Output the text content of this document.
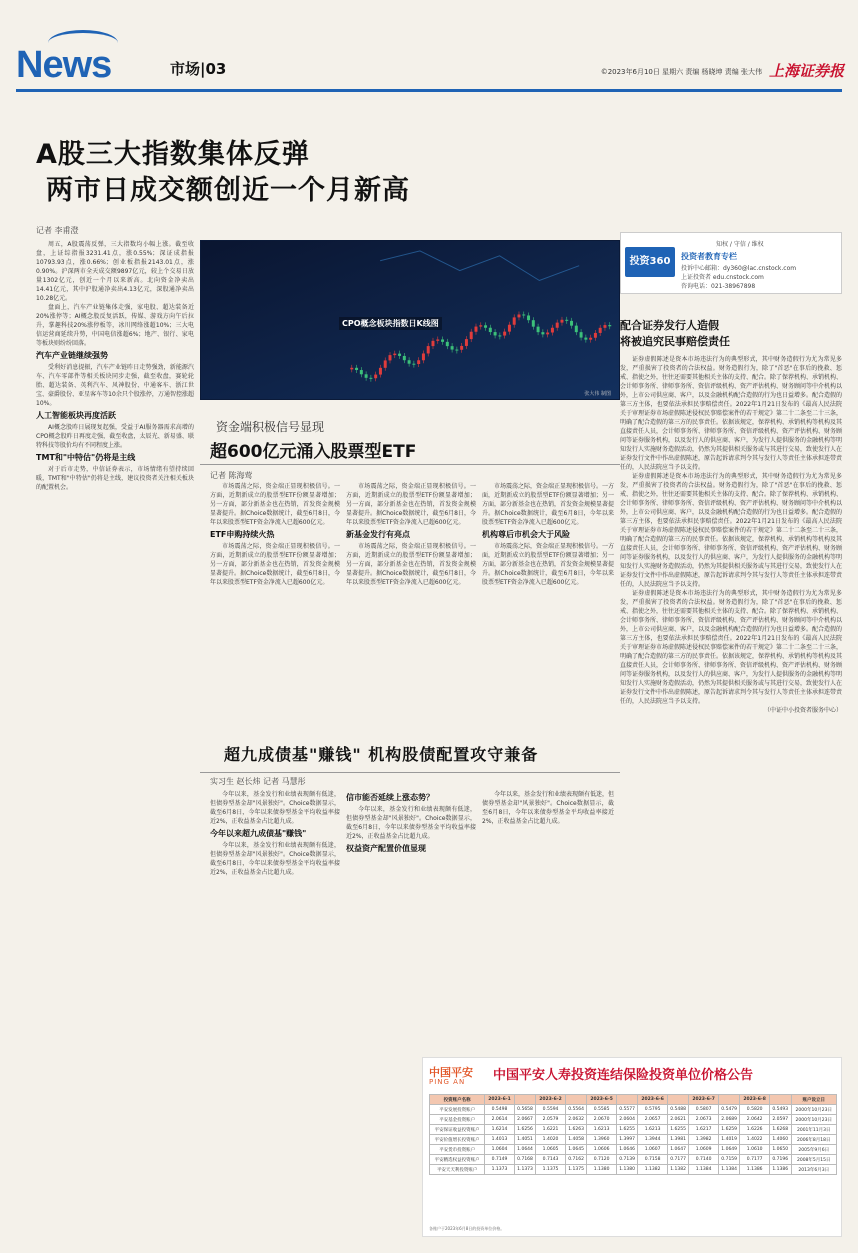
News	市场|03	©2023年6月10日 星期六 责编 杨晓坤 责编 张大伟 上海证券报
A股三大指数集体反弹
两市日成交额创近一个月新高
记者 李甫澄

周五，A股震荡反弹，三大指数均小幅上涨。截至收盘，上证综指报3231.41点，涨0.55%；深证成指报10793.93点，涨0.66%；创业板指报2143.01点，涨0.90%。沪深两市全天成交额9897亿元，较上个交易日放量1302亿元，创近一个月以来新高。北向资金净卖出14.41亿元，其中沪股通净卖出4.13亿元，深股通净卖出10.28亿元。

盘面上，汽车产业链集体走强，家电股、超达装备近20%涨停等；AI概念股反复活跃，传媒、游戏方向午后拉升，掌趣科技20%涨停板等，冰川网络涨超10%；三大电信运营商延续升势，中国电信涨超6%；地产、银行、家电等板块则纷纷回落。

汽车产业链继续强势

受利好消息提振，汽车产业链昨日走势强劲，新能源汽车、汽车零部件等相关板块同步走强，截至收盘，赛轮轮胎、超达装备、英利汽车、风神股份、中通客车、浙江世宝、豪爵股份、亚星客车等10余只个股涨停，万通智控涨超10%。

人工智能板块再度活跃

AI概念股昨日展现复起强，受益于AI服务器需求高增的CPO概念股昨日再度走强，截至收盘，太辰光、新易盛、联特科技等股价均有不同程度上涨。

TMT和"中特估"仍将是主线

对于后市走势，中信证券表示，市场情绪有望持续回暖，TMT和"中特估"仍将是主线，建议投资者关注相关板块的配置机会。

CPO概念板块指数日K线图
张大伟 制图
投资360
知权 / 守信 / 维权
投资者教育专栏
投诉中心邮箱：dy360@lac.cnstock.com
上证投资者 edu.cnstock.com
咨询电话：021-38967898
配合证券发行人造假
将被追究民事赔偿责任

证券虚假陈述是资本市场违法行为的典型形式，其中财务造假行为尤为常见多发，严重损害了投资者的合法权益。财务造假行为，除了"首恶"在事后的挽救、惩戒、指使之外，往往还需要其他相关主体的支持、配合。除了保荐机构、承销机构、会计师事务所、律师事务所、资信评级机构、资产评估机构、财务顾问等中介机构以外，上市公司供应商、客户，以及金融机构配合造假的行为也日益增多。配合造假的第三方主体，也要依法承担民事赔偿责任。2022年1月21日发布的《最高人民法院关于审理证券市场虚假陈述侵权民事赔偿案件的若干规定》第二十二条至二十三条，明确了配合造假的第三方的民事责任。依据该规定，保荐机构、承销机构等机构及其直接责任人员，会计师事务所、律师事务所、资信评级机构、资产评估机构、财务顾问等证券服务机构，以及发行人的供应商、客户，为发行人提供服务的金融机构等明知发行人实施财务造假活动，仍然为其提供相关服务或与其进行交易，致使发行人在证券发行文件中作出虚假陈述，原告起诉请求判令其与发行人等责任主体承担连带责任的，人民法院应当予以支持。

证券虚假陈述是资本市场违法行为的典型形式，其中财务造假行为尤为常见多发，严重损害了投资者的合法权益。财务造假行为，除了"首恶"在事后的挽救、惩戒、指使之外，往往还需要其他相关主体的支持、配合。除了保荐机构、承销机构、会计师事务所、律师事务所、资信评级机构、资产评估机构、财务顾问等中介机构以外，上市公司供应商、客户，以及金融机构配合造假的行为也日益增多。配合造假的第三方主体，也要依法承担民事赔偿责任。2022年1月21日发布的《最高人民法院关于审理证券市场虚假陈述侵权民事赔偿案件的若干规定》第二十二条至二十三条，明确了配合造假的第三方的民事责任。依据该规定，保荐机构、承销机构等机构及其直接责任人员，会计师事务所、律师事务所、资信评级机构、资产评估机构、财务顾问等证券服务机构，以及发行人的供应商、客户，为发行人提供服务的金融机构等明知发行人实施财务造假活动，仍然为其提供相关服务或与其进行交易，致使发行人在证券发行文件中作出虚假陈述，原告起诉请求判令其与发行人等责任主体承担连带责任的，人民法院应当予以支持。

证券虚假陈述是资本市场违法行为的典型形式，其中财务造假行为尤为常见多发，严重损害了投资者的合法权益。财务造假行为，除了"首恶"在事后的挽救、惩戒、指使之外，往往还需要其他相关主体的支持、配合。除了保荐机构、承销机构、会计师事务所、律师事务所、资信评级机构、资产评估机构、财务顾问等中介机构以外，上市公司供应商、客户，以及金融机构配合造假的行为也日益增多。配合造假的第三方主体，也要依法承担民事赔偿责任。2022年1月21日发布的《最高人民法院关于审理证券市场虚假陈述侵权民事赔偿案件的若干规定》第二十二条至二十三条，明确了配合造假的第三方的民事责任。依据该规定，保荐机构、承销机构等机构及其直接责任人员，会计师事务所、律师事务所、资信评级机构、资产评估机构、财务顾问等证券服务机构，以及发行人的供应商、客户，为发行人提供服务的金融机构等明知发行人实施财务造假活动，仍然为其提供相关服务或与其进行交易，致使发行人在证券发行文件中作出虚假陈述，原告起诉请求判令其与发行人等责任主体承担连带责任的，人民法院应当予以支持。

（中证中小投资者服务中心）

资金端积极信号显现
超600亿元涌入股票型ETF
记者 陈海莺

市场震荡之际，资金端正显现积极信号。一方面，近期新成立的股票型ETF份额显著增加；另一方面，部分新基金也在热销，首发资金规模显著提升。据Choice数据统计，截至6月8日，今年以来股票型ETF资金净流入已超600亿元。

ETF申购持续火热

市场震荡之际，资金端正显现积极信号。一方面，近期新成立的股票型ETF份额显著增加；另一方面，部分新基金也在热销，首发资金规模显著提升。据Choice数据统计，截至6月8日，今年以来股票型ETF资金净流入已超600亿元。

市场震荡之际，资金端正显现积极信号。一方面，近期新成立的股票型ETF份额显著增加；另一方面，部分新基金也在热销，首发资金规模显著提升。据Choice数据统计，截至6月8日，今年以来股票型ETF资金净流入已超600亿元。

新基金发行有亮点

市场震荡之际，资金端正显现积极信号。一方面，近期新成立的股票型ETF份额显著增加；另一方面，部分新基金也在热销，首发资金规模显著提升。据Choice数据统计，截至6月8日，今年以来股票型ETF资金净流入已超600亿元。

市场震荡之际，资金端正显现积极信号。一方面，近期新成立的股票型ETF份额显著增加；另一方面，部分新基金也在热销，首发资金规模显著提升。据Choice数据统计，截至6月8日，今年以来股票型ETF资金净流入已超600亿元。

机构尊后市机会大于风险

市场震荡之际，资金端正显现积极信号。一方面，近期新成立的股票型ETF份额显著增加；另一方面，部分新基金也在热销，首发资金规模显著提升。据Choice数据统计，截至6月8日，今年以来股票型ETF资金净流入已超600亿元。

超九成债基"赚钱" 机构股债配置攻守兼备
实习生 赵长炜 记者 马慧彤

今年以来，基金发行和业绩表现颇有低迷，但债券型基金却"风景独好"。Choice数据显示，截至6月8日，今年以来债券型基金平均收益率接近2%，正收益基金占比超九成。

今年以来超九成债基"赚钱"

今年以来，基金发行和业绩表现颇有低迷，但债券型基金却"风景独好"。Choice数据显示，截至6月8日，今年以来债券型基金平均收益率接近2%，正收益基金占比超九成。

信市能否延续上涨态势？

今年以来，基金发行和业绩表现颇有低迷，但债券型基金却"风景独好"。Choice数据显示，截至6月8日，今年以来债券型基金平均收益率接近2%，正收益基金占比超九成。

权益资产配置价值显现

今年以来，基金发行和业绩表现颇有低迷，但债券型基金却"风景独好"。Choice数据显示，截至6月8日，今年以来债券型基金平均收益率接近2%，正收益基金占比超九成。

中国平安
PING AN 中国平安人寿投资连结保险投资单位价格公告
投资账户名称	2023-6-1		2023-6-2		2023-6-5		2023-6-6		2023-6-7		2023-6-8		账户设立日
平安发展投资账户	0.5498	0.5658	0.5594	0.5564	0.5585	0.5577	0.5795	0.5488	0.5807	0.5479	0.5820	0.5493	2000年10月23日
平安基金投资账户	2.0614	2.0667	2.0579	2.0632	2.0670	2.0604	2.0657	2.0621	2.0673	2.0689	2.0642	2.0597	2000年10月23日
平安保证收益投资账户	1.6214	1.6256	1.6221	1.6263	1.6213	1.6255	1.6213	1.6255	1.6217	1.6259	1.6226	1.6268	2001年11月3日
平安价值增长投资账户	1.4013	1.4051	1.4020	1.4058	1.3960	1.3997	1.3944	1.3981	1.3982	1.4019	1.4022	1.4060	2006年8月18日
平安货币投资账户	1.0604	1.0644	1.0605	1.0645	1.0606	1.0646	1.0607	1.0647	1.0609	1.0649	1.0610	1.0650	2005年9月6日
平安精选权益投资账户	0.7149	0.7168	0.7143	0.7162	0.7120	0.7139	0.7158	0.7177	0.7140	0.7159	0.7177	0.7196	2008年5月15日
平安天天利投资账户	1.1373	1.1373	1.1375	1.1375	1.1380	1.1380	1.1382	1.1382	1.1384	1.1384	1.1386	1.1386	2013年6月3日
各账户于2023年6月8日的投资单位价格。
